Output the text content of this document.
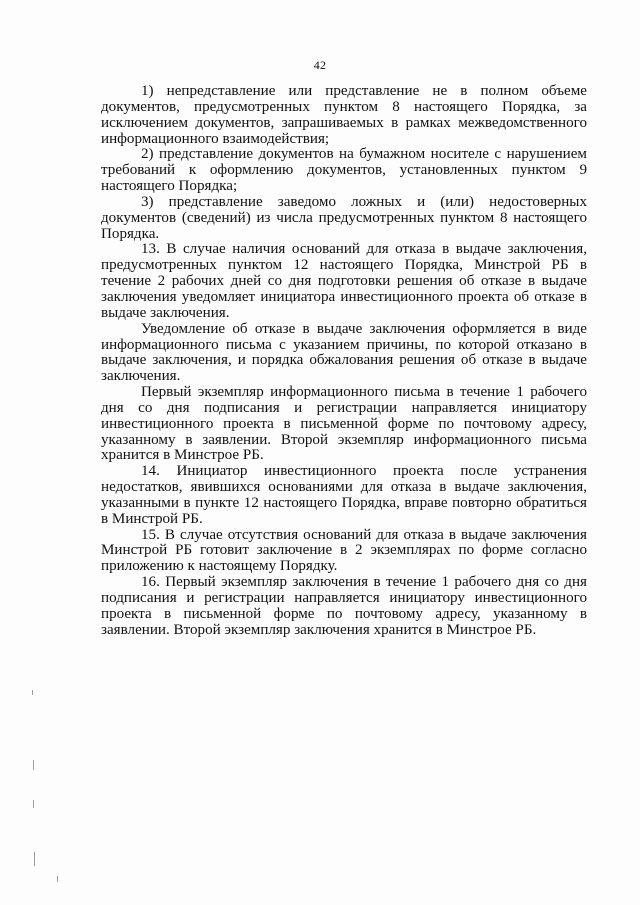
42

1) непредставление или представление не в полном объеме документов, предусмотренных пунктом 8 настоящего Порядка, за исключением документов, запрашиваемых в рамках межведомственного информационного взаимодействия;

2) представление документов на бумажном носителе с нарушением требований к оформлению документов, установленных пунктом 9 настоящего Порядка;

3) представление заведомо ложных и (или) недостоверных документов (сведений) из числа предусмотренных пунктом 8 настоящего Порядка.

13. В случае наличия оснований для отказа в выдаче заключения, предусмотренных пунктом 12 настоящего Порядка, Минстрой РБ в течение 2 рабочих дней со дня подготовки решения об отказе в выдаче заключения уведомляет инициатора инвестиционного проекта об отказе в выдаче заключения.

Уведомление об отказе в выдаче заключения оформляется в виде информационного письма с указанием причины, по которой отказано в выдаче заключения, и порядка обжалования решения об отказе в выдаче заключения.

Первый экземпляр информационного письма в течение 1 рабочего дня со дня подписания и регистрации направляется инициатору инвестиционного проекта в письменной форме по почтовому адресу, указанному в заявлении. Второй экземпляр информационного письма хранится в Минстрое РБ.

14. Инициатор инвестиционного проекта после устранения недостатков, явившихся основаниями для отказа в выдаче заключения, указанными в пункте 12 настоящего Порядка, вправе повторно обратиться в Минстрой РБ.

15. В случае отсутствия оснований для отказа в выдаче заключения Минстрой РБ готовит заключение в 2 экземплярах по форме согласно приложению к настоящему Порядку.

16. Первый экземпляр заключения в течение 1 рабочего дня со дня подписания и регистрации направляется инициатору инвестиционного проекта в письменной форме по почтовому адресу, указанному в заявлении. Второй экземпляр заключения хранится в Минстрое РБ.
